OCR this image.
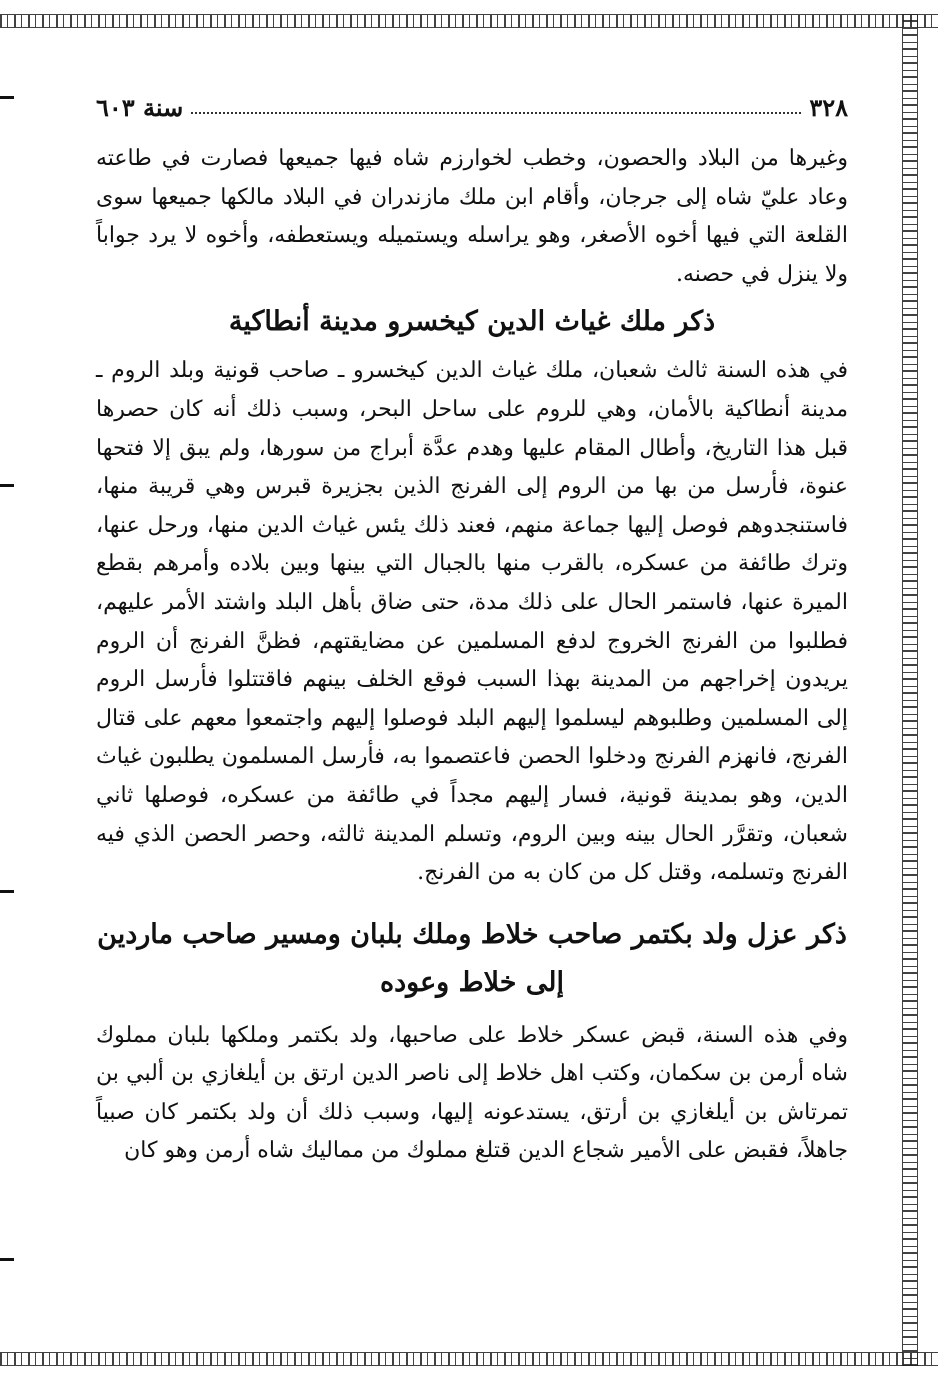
٣٢٨
سنة ٦٠٣

وغيرها من البلاد والحصون، وخطب لخوارزم شاه فيها جميعها فصارت في طاعته وعاد عليّ شاه إلى جرجان، وأقام ابن ملك مازندران في البلاد مالكها جميعها سوى القلعة التي فيها أخوه الأصغر، وهو يراسله ويستميله ويستعطفه، وأخوه لا يرد جواباً ولا ينزل في حصنه.

ذكر ملك غياث الدين كيخسرو مدينة أنطاكية

في هذه السنة ثالث شعبان، ملك غياث الدين كيخسرو ـ صاحب قونية وبلد الروم ـ مدينة أنطاكية بالأمان، وهي للروم على ساحل البحر، وسبب ذلك أنه كان حصرها قبل هذا التاريخ، وأطال المقام عليها وهدم عدَّة أبراج من سورها، ولم يبق إلا فتحها عنوة، فأرسل من بها من الروم إلى الفرنج الذين بجزيرة قبرس وهي قريبة منها، فاستنجدوهم فوصل إليها جماعة منهم، فعند ذلك يئس غياث الدين منها، ورحل عنها، وترك طائفة من عسكره، بالقرب منها بالجبال التي بينها وبين بلاده وأمرهم بقطع الميرة عنها، فاستمر الحال على ذلك مدة، حتى ضاق بأهل البلد واشتد الأمر عليهم، فطلبوا من الفرنج الخروج لدفع المسلمين عن مضايقتهم، فظنَّ الفرنج أن الروم يريدون إخراجهم من المدينة بهذا السبب فوقع الخلف بينهم فاقتتلوا فأرسل الروم إلى المسلمين وطلبوهم ليسلموا إليهم البلد فوصلوا إليهم واجتمعوا معهم على قتال الفرنج، فانهزم الفرنج ودخلوا الحصن فاعتصموا به، فأرسل المسلمون يطلبون غياث الدين، وهو بمدينة قونية، فسار إليهم مجداً في طائفة من عسكره، فوصلها ثاني شعبان، وتقرَّر الحال بينه وبين الروم، وتسلم المدينة ثالثه، وحصر الحصن الذي فيه الفرنج وتسلمه، وقتل كل من كان به من الفرنج.

ذكر عزل ولد بكتمر صاحب خلاط وملك بلبان ومسير صاحب ماردين إلى خلاط وعوده

وفي هذه السنة، قبض عسكر خلاط على صاحبها، ولد بكتمر وملكها بلبان مملوك شاه أرمن بن سكمان، وكتب اهل خلاط إلى ناصر الدين ارتق بن أيلغازي بن ألبي بن تمرتاش بن أيلغازي بن أرتق، يستدعونه إليها، وسبب ذلك أن ولد بكتمر كان صبياً جاهلاً، فقبض على الأمير شجاع الدين قتلغ مملوك من مماليك شاه أرمن وهو كان
